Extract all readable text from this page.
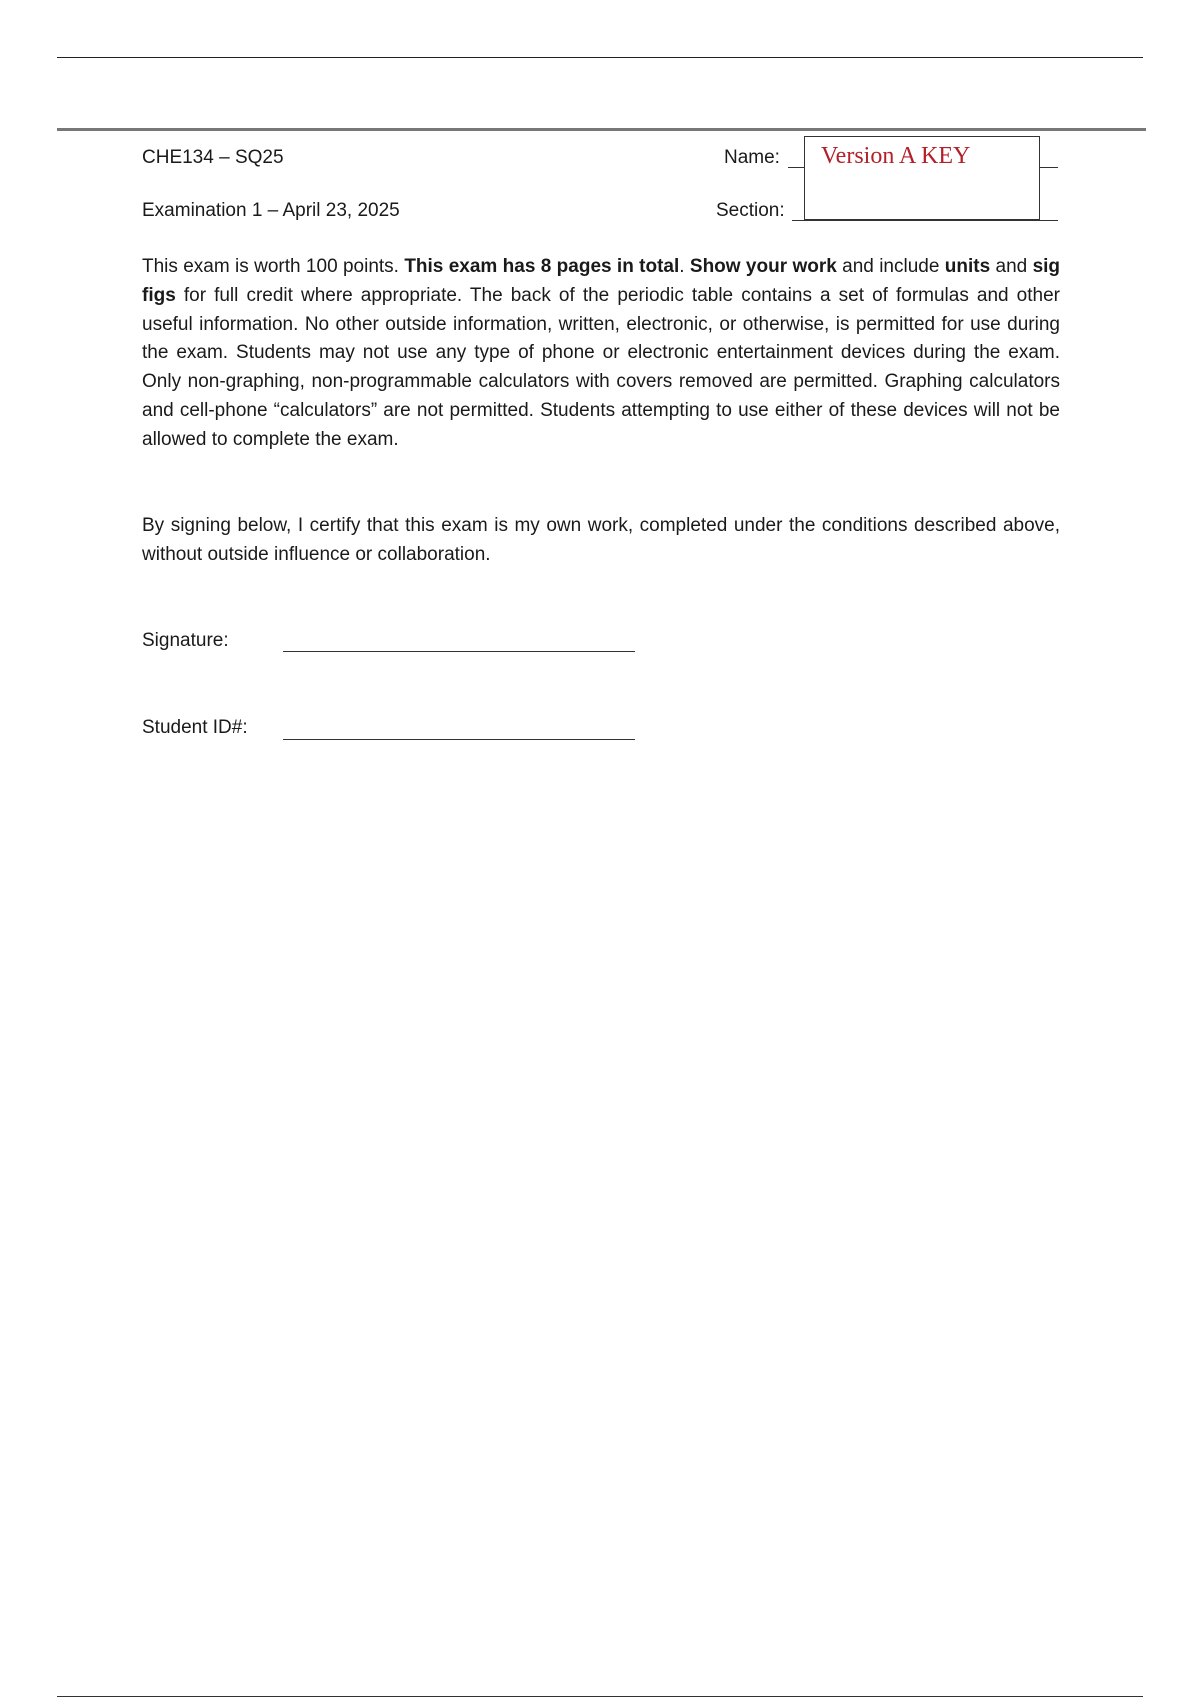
CHE134 – SQ25
Examination 1 – April 23, 2025
Name:
Section:
Version A KEY

This exam is worth 100 points. This exam has 8 pages in total. Show your work and include units and sig figs for full credit where appropriate. The back of the periodic table contains a set of formulas and other useful information. No other outside information, written, electronic, or otherwise, is permitted for use during the exam. Students may not use any type of phone or electronic entertainment devices during the exam. Only non-graphing, non-programmable calculators with covers removed are permitted. Graphing calculators and cell-phone “calculators” are not permitted. Students attempting to use either of these devices will not be allowed to complete the exam.

By signing below, I certify that this exam is my own work, completed under the conditions described above, without outside influence or collaboration.

Signature:
Student ID#:
